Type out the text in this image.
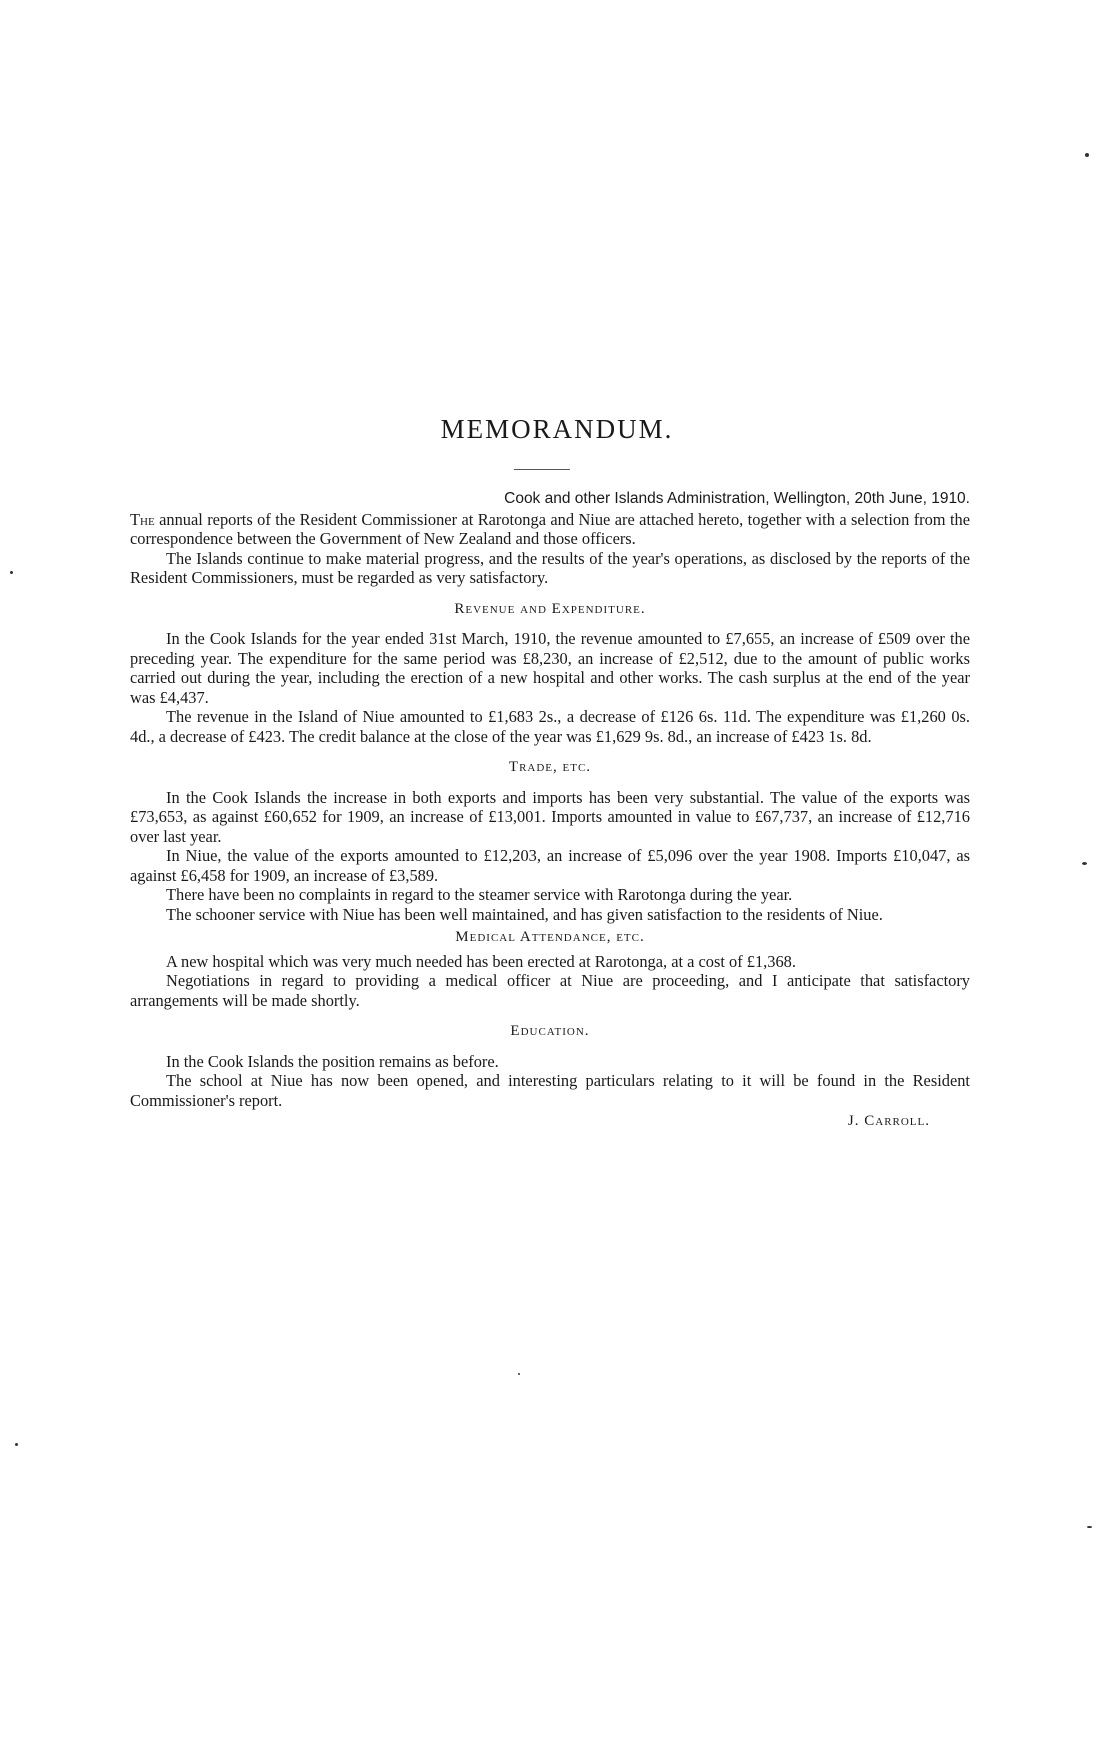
MEMORANDUM.
Cook and other Islands Administration, Wellington, 20th June, 1910.

The annual reports of the Resident Commissioner at Rarotonga and Niue are attached hereto, together with a selection from the correspondence between the Government of New Zealand and those officers.

The Islands continue to make material progress, and the results of the year's operations, as disclosed by the reports of the Resident Commissioners, must be regarded as very satisfactory.

Revenue and Expenditure.

In the Cook Islands for the year ended 31st March, 1910, the revenue amounted to £7,655, an increase of £509 over the preceding year. The expenditure for the same period was £8,230, an increase of £2,512, due to the amount of public works carried out during the year, including the erection of a new hospital and other works. The cash surplus at the end of the year was £4,437.

The revenue in the Island of Niue amounted to £1,683 2s., a decrease of £126 6s. 11d. The expenditure was £1,260 0s. 4d., a decrease of £423. The credit balance at the close of the year was £1,629 9s. 8d., an increase of £423 1s. 8d.

Trade, etc.

In the Cook Islands the increase in both exports and imports has been very substantial. The value of the exports was £73,653, as against £60,652 for 1909, an increase of £13,001. Imports amounted in value to £67,737, an increase of £12,716 over last year.

In Niue, the value of the exports amounted to £12,203, an increase of £5,096 over the year 1908. Imports £10,047, as against £6,458 for 1909, an increase of £3,589.

There have been no complaints in regard to the steamer service with Rarotonga during the year.

The schooner service with Niue has been well maintained, and has given satisfaction to the residents of Niue.

Medical Attendance, etc.

A new hospital which was very much needed has been erected at Rarotonga, at a cost of £1,368.

Negotiations in regard to providing a medical officer at Niue are proceeding, and I anticipate that satisfactory arrangements will be made shortly.

Education.

In the Cook Islands the position remains as before.

The school at Niue has now been opened, and interesting particulars relating to it will be found in the Resident Commissioner's report.

J. Carroll.
